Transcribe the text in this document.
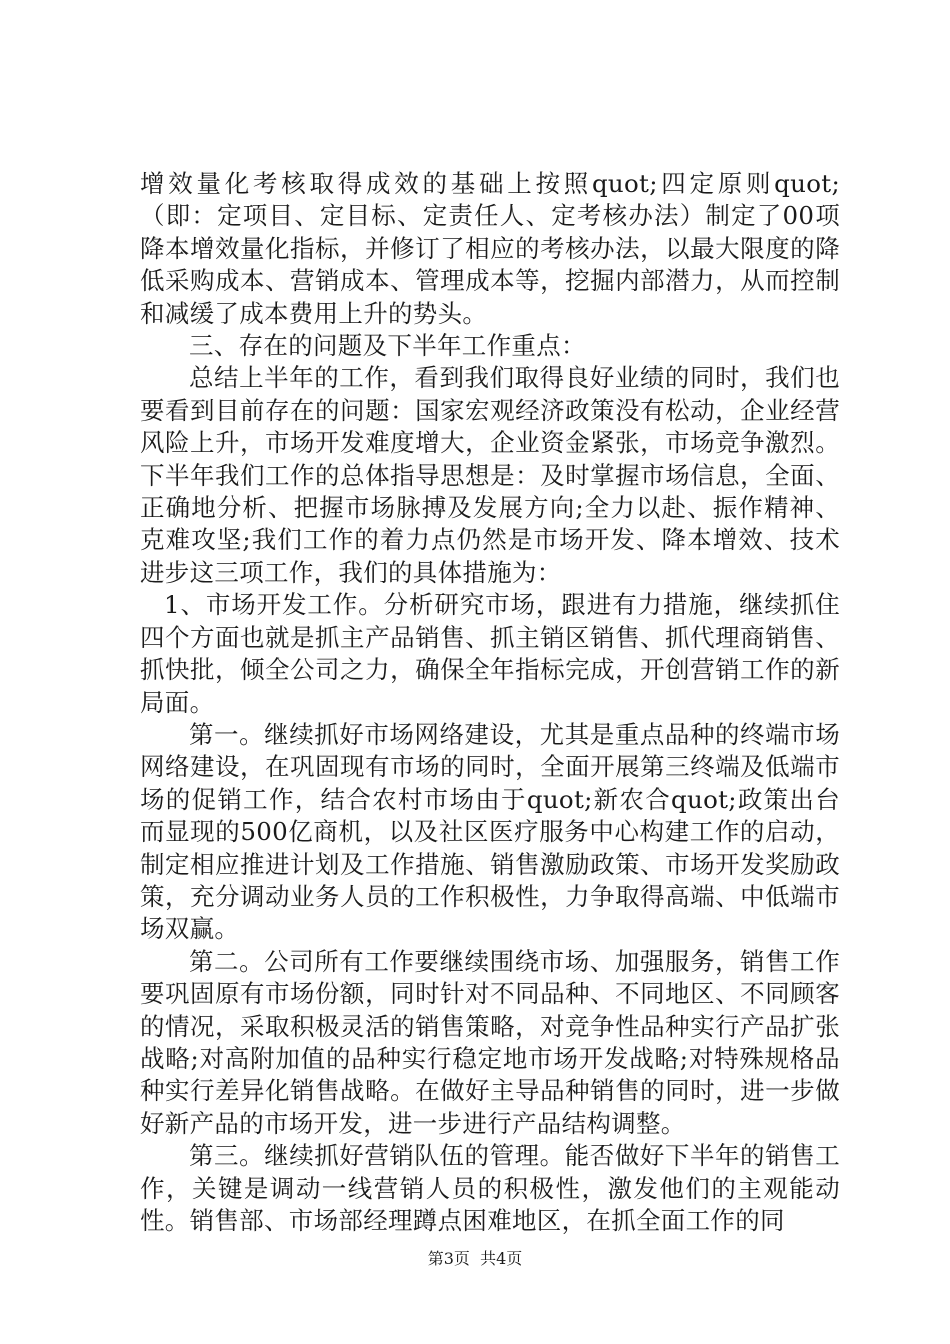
增效量化考核取得成效的基础上按照quot;四定原则quot;（即：定项目、定目标、定责任人、定考核办法）制定了00项降本增效量化指标，并修订了相应的考核办法，以最大限度的降低采购成本、营销成本、管理成本等，挖掘内部潜力，从而控制和减缓了成本费用上升的势头。

三、存在的问题及下半年工作重点：

总结上半年的工作，看到我们取得良好业绩的同时，我们也要看到目前存在的问题：国家宏观经济政策没有松动，企业经营风险上升，市场开发难度增大，企业资金紧张，市场竞争激烈。下半年我们工作的总体指导思想是：及时掌握市场信息，全面、正确地分析、把握市场脉搏及发展方向;全力以赴、振作精神、克难攻坚;我们工作的着力点仍然是市场开发、降本增效、技术进步这三项工作，我们的具体措施为：

1、市场开发工作。分析研究市场，跟进有力措施，继续抓住四个方面也就是抓主产品销售、抓主销区销售、抓代理商销售、抓快批，倾全公司之力，确保全年指标完成，开创营销工作的新局面。

第一。继续抓好市场网络建设，尤其是重点品种的终端市场网络建设，在巩固现有市场的同时，全面开展第三终端及低端市场的促销工作，结合农村市场由于quot;新农合quot;政策出台而显现的500亿商机，以及社区医疗服务中心构建工作的启动，制定相应推进计划及工作措施、销售激励政策、市场开发奖励政策，充分调动业务人员的工作积极性，力争取得高端、中低端市场双赢。

第二。公司所有工作要继续围绕市场、加强服务，销售工作要巩固原有市场份额，同时针对不同品种、不同地区、不同顾客的情况，采取积极灵活的销售策略，对竞争性品种实行产品扩张战略;对高附加值的品种实行稳定地市场开发战略;对特殊规格品种实行差异化销售战略。在做好主导品种销售的同时，进一步做好新产品的市场开发，进一步进行产品结构调整。

第三。继续抓好营销队伍的管理。能否做好下半年的销售工作，关键是调动一线营销人员的积极性，激发他们的主观能动性。销售部、市场部经理蹲点困难地区，在抓全面工作的同

第3页  共4页
